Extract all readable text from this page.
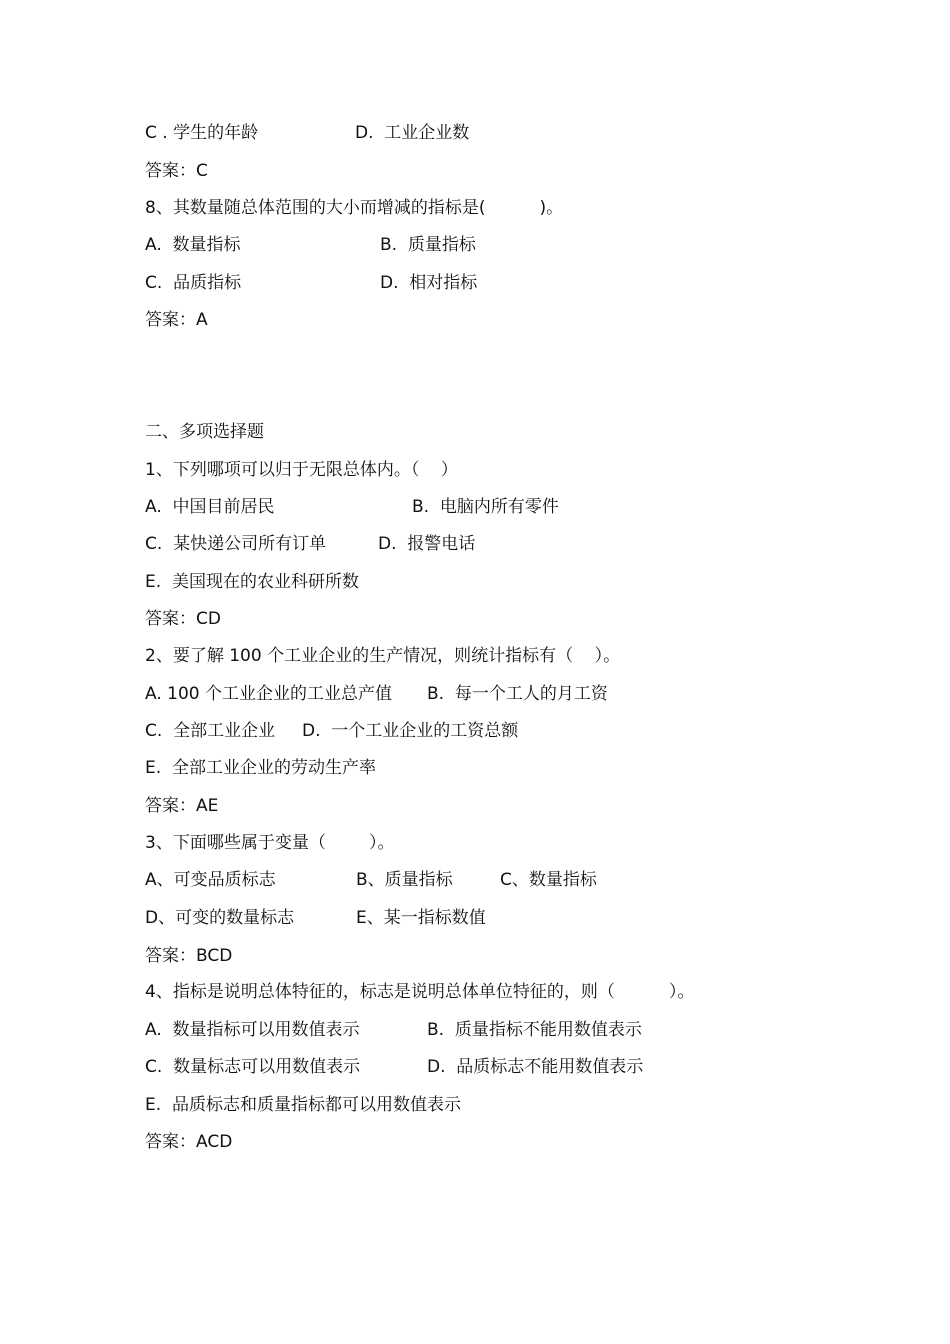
C . 学生的年龄	D.  工业企业数
答案：C
8、其数量随总体范围的大小而增减的指标是(          )。
A.  数量指标	B.  质量指标
C.  品质指标	D.  相对指标
答案：A
二、多项选择题
1、下列哪项可以归于无限总体内。（    ）
A.  中国目前居民	B.  电脑内所有零件
C.  某快递公司所有订单	D.  报警电话
E.  美国现在的农业科研所数
答案：CD
2、要了解 100 个工业企业的生产情况，则统计指标有（    ）。
A. 100 个工业企业的工业总产值 B.  每一个工人的月工资
C.  全部工业企业 D.  一个工业企业的工资总额
E.  全部工业企业的劳动生产率
答案：AE
3、下面哪些属于变量（        ）。
A、可变品质标志	B、质量指标	C、数量指标
D、可变的数量标志	E、某一指标数值
答案：BCD
4、指标是说明总体特征的，标志是说明总体单位特征的，则（          ）。
A.  数量指标可以用数值表示	B.  质量指标不能用数值表示
C.  数量标志可以用数值表示	D.  品质标志不能用数值表示
E.  品质标志和质量指标都可以用数值表示
答案：ACD
